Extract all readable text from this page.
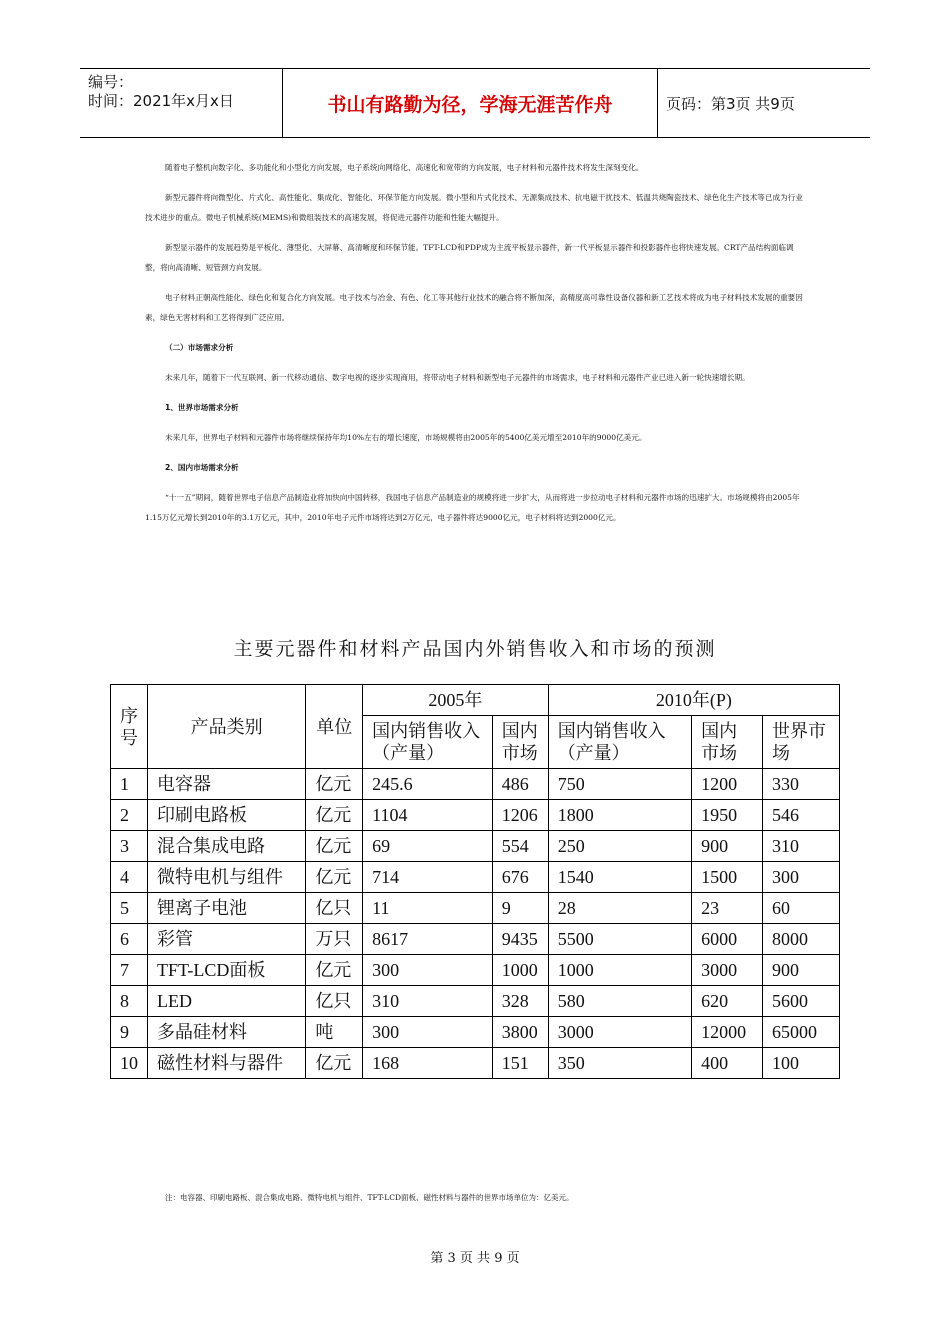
编号：
时间：2021年x月x日	书山有路勤为径，学海无涯苦作舟	页码：第3页 共9页

随着电子整机向数字化、多功能化和小型化方向发展，电子系统向网络化、高速化和宽带的方向发展，电子材料和元器件技术将发生深刻变化。

新型元器件将向微型化、片式化、高性能化、集成化、智能化、环保节能方向发展。微小型和片式化技术、无源集成技术、抗电磁干扰技术、低温共烧陶瓷技术、绿色化生产技术等已成为行业技术进步的重点。微电子机械系统(MEMS)和微组装技术的高速发展，将促进元器件功能和性能大幅提升。

新型显示器件的发展趋势是平板化、薄型化、大屏幕、高清晰度和环保节能。TFT-LCD和PDP成为主流平板显示器件，新一代平板显示器件和投影器件也将快速发展。CRT产品结构面临调整，将向高清晰、短管颈方向发展。

电子材料正朝高性能化、绿色化和复合化方向发展。电子技术与冶金、有色、化工等其他行业技术的融合将不断加深，高精度高可靠性设备仪器和新工艺技术将成为电子材料技术发展的重要因素，绿色无害材料和工艺将得到广泛应用。

（二）市场需求分析

未来几年，随着下一代互联网、新一代移动通信、数字电视的逐步实现商用，将带动电子材料和新型电子元器件的市场需求，电子材料和元器件产业已进入新一轮快速增长期。

1、世界市场需求分析

未来几年，世界电子材料和元器件市场将继续保持年均10%左右的增长速度，市场规模将由2005年的5400亿美元增至2010年的9000亿美元。

2、国内市场需求分析

“十一五”期间，随着世界电子信息产品制造业将加快向中国转移，我国电子信息产品制造业的规模将进一步扩大，从而将进一步拉动电子材料和元器件市场的迅速扩大。市场规模将由2005年1.15万亿元增长到2010年的3.1万亿元，其中，2010年电子元件市场将达到2万亿元，电子器件将达9000亿元，电子材料将达到2000亿元。

主要元器件和材料产品国内外销售收入和市场的预测
序号	产品类别	单位	2005年		2010年(P)		
			国内销售收入（产量）	国内市场	国内销售收入（产量）	国内市场	世界市场
1	电容器	亿元	245.6	486	750	1200	330
2	印刷电路板	亿元	1104	1206	1800	1950	546
3	混合集成电路	亿元	69	554	250	900	310
4	微特电机与组件	亿元	714	676	1540	1500	300
5	锂离子电池	亿只	11	9	28	23	60
6	彩管	万只	8617	9435	5500	6000	8000
7	TFT-LCD面板	亿元	300	1000	1000	3000	900
8	LED	亿只	310	328	580	620	5600
9	多晶硅材料	吨	300	3800	3000	12000	65000
10	磁性材料与器件	亿元	168	151	350	400	100
注：电容器、印刷电路板、混合集成电路、微特电机与组件、TFT-LCD面板、磁性材料与器件的世界市场单位为：亿美元。
第 3 页 共 9 页
